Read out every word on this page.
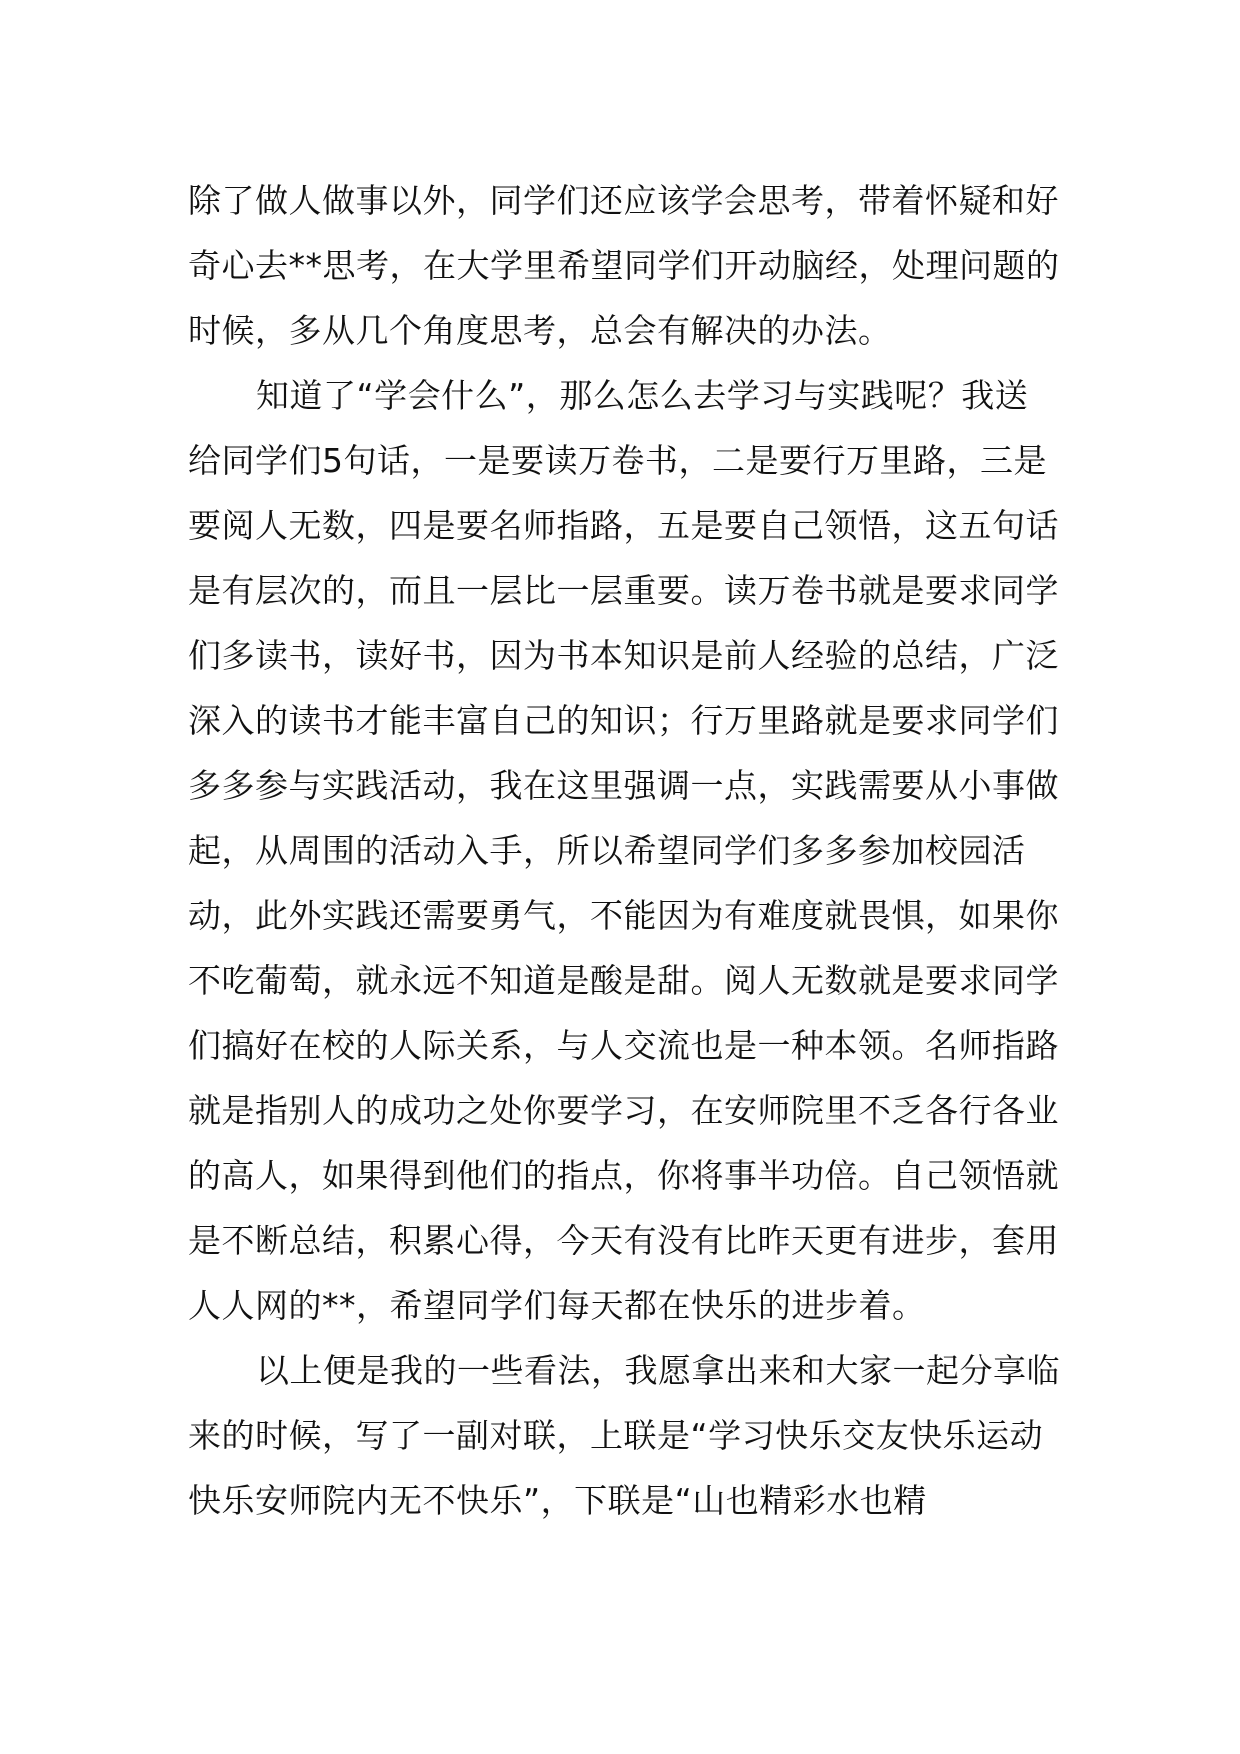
除了做人做事以外，同学们还应该学会思考，带着怀疑和好奇心去**思考，在大学里希望同学们开动脑经，处理问题的时候，多从几个角度思考，总会有解决的办法。

知道了“学会什么”，那么怎么去学习与实践呢？我送给同学们5句话，一是要读万卷书，二是要行万里路，三是要阅人无数，四是要名师指路，五是要自己领悟，这五句话是有层次的，而且一层比一层重要。读万卷书就是要求同学们多读书，读好书，因为书本知识是前人经验的总结，广泛深入的读书才能丰富自己的知识；行万里路就是要求同学们多多参与实践活动，我在这里强调一点，实践需要从小事做起，从周围的活动入手，所以希望同学们多多参加校园活动，此外实践还需要勇气，不能因为有难度就畏惧，如果你不吃葡萄，就永远不知道是酸是甜。阅人无数就是要求同学们搞好在校的人际关系，与人交流也是一种本领。名师指路就是指别人的成功之处你要学习，在安师院里不乏各行各业的高人，如果得到他们的指点，你将事半功倍。自己领悟就是不断总结，积累心得，今天有没有比昨天更有进步，套用人人网的**，希望同学们每天都在快乐的进步着。

以上便是我的一些看法，我愿拿出来和大家一起分享临来的时候，写了一副对联，上联是“学习快乐交友快乐运动快乐安师院内无不快乐”，下联是“山也精彩水也精
